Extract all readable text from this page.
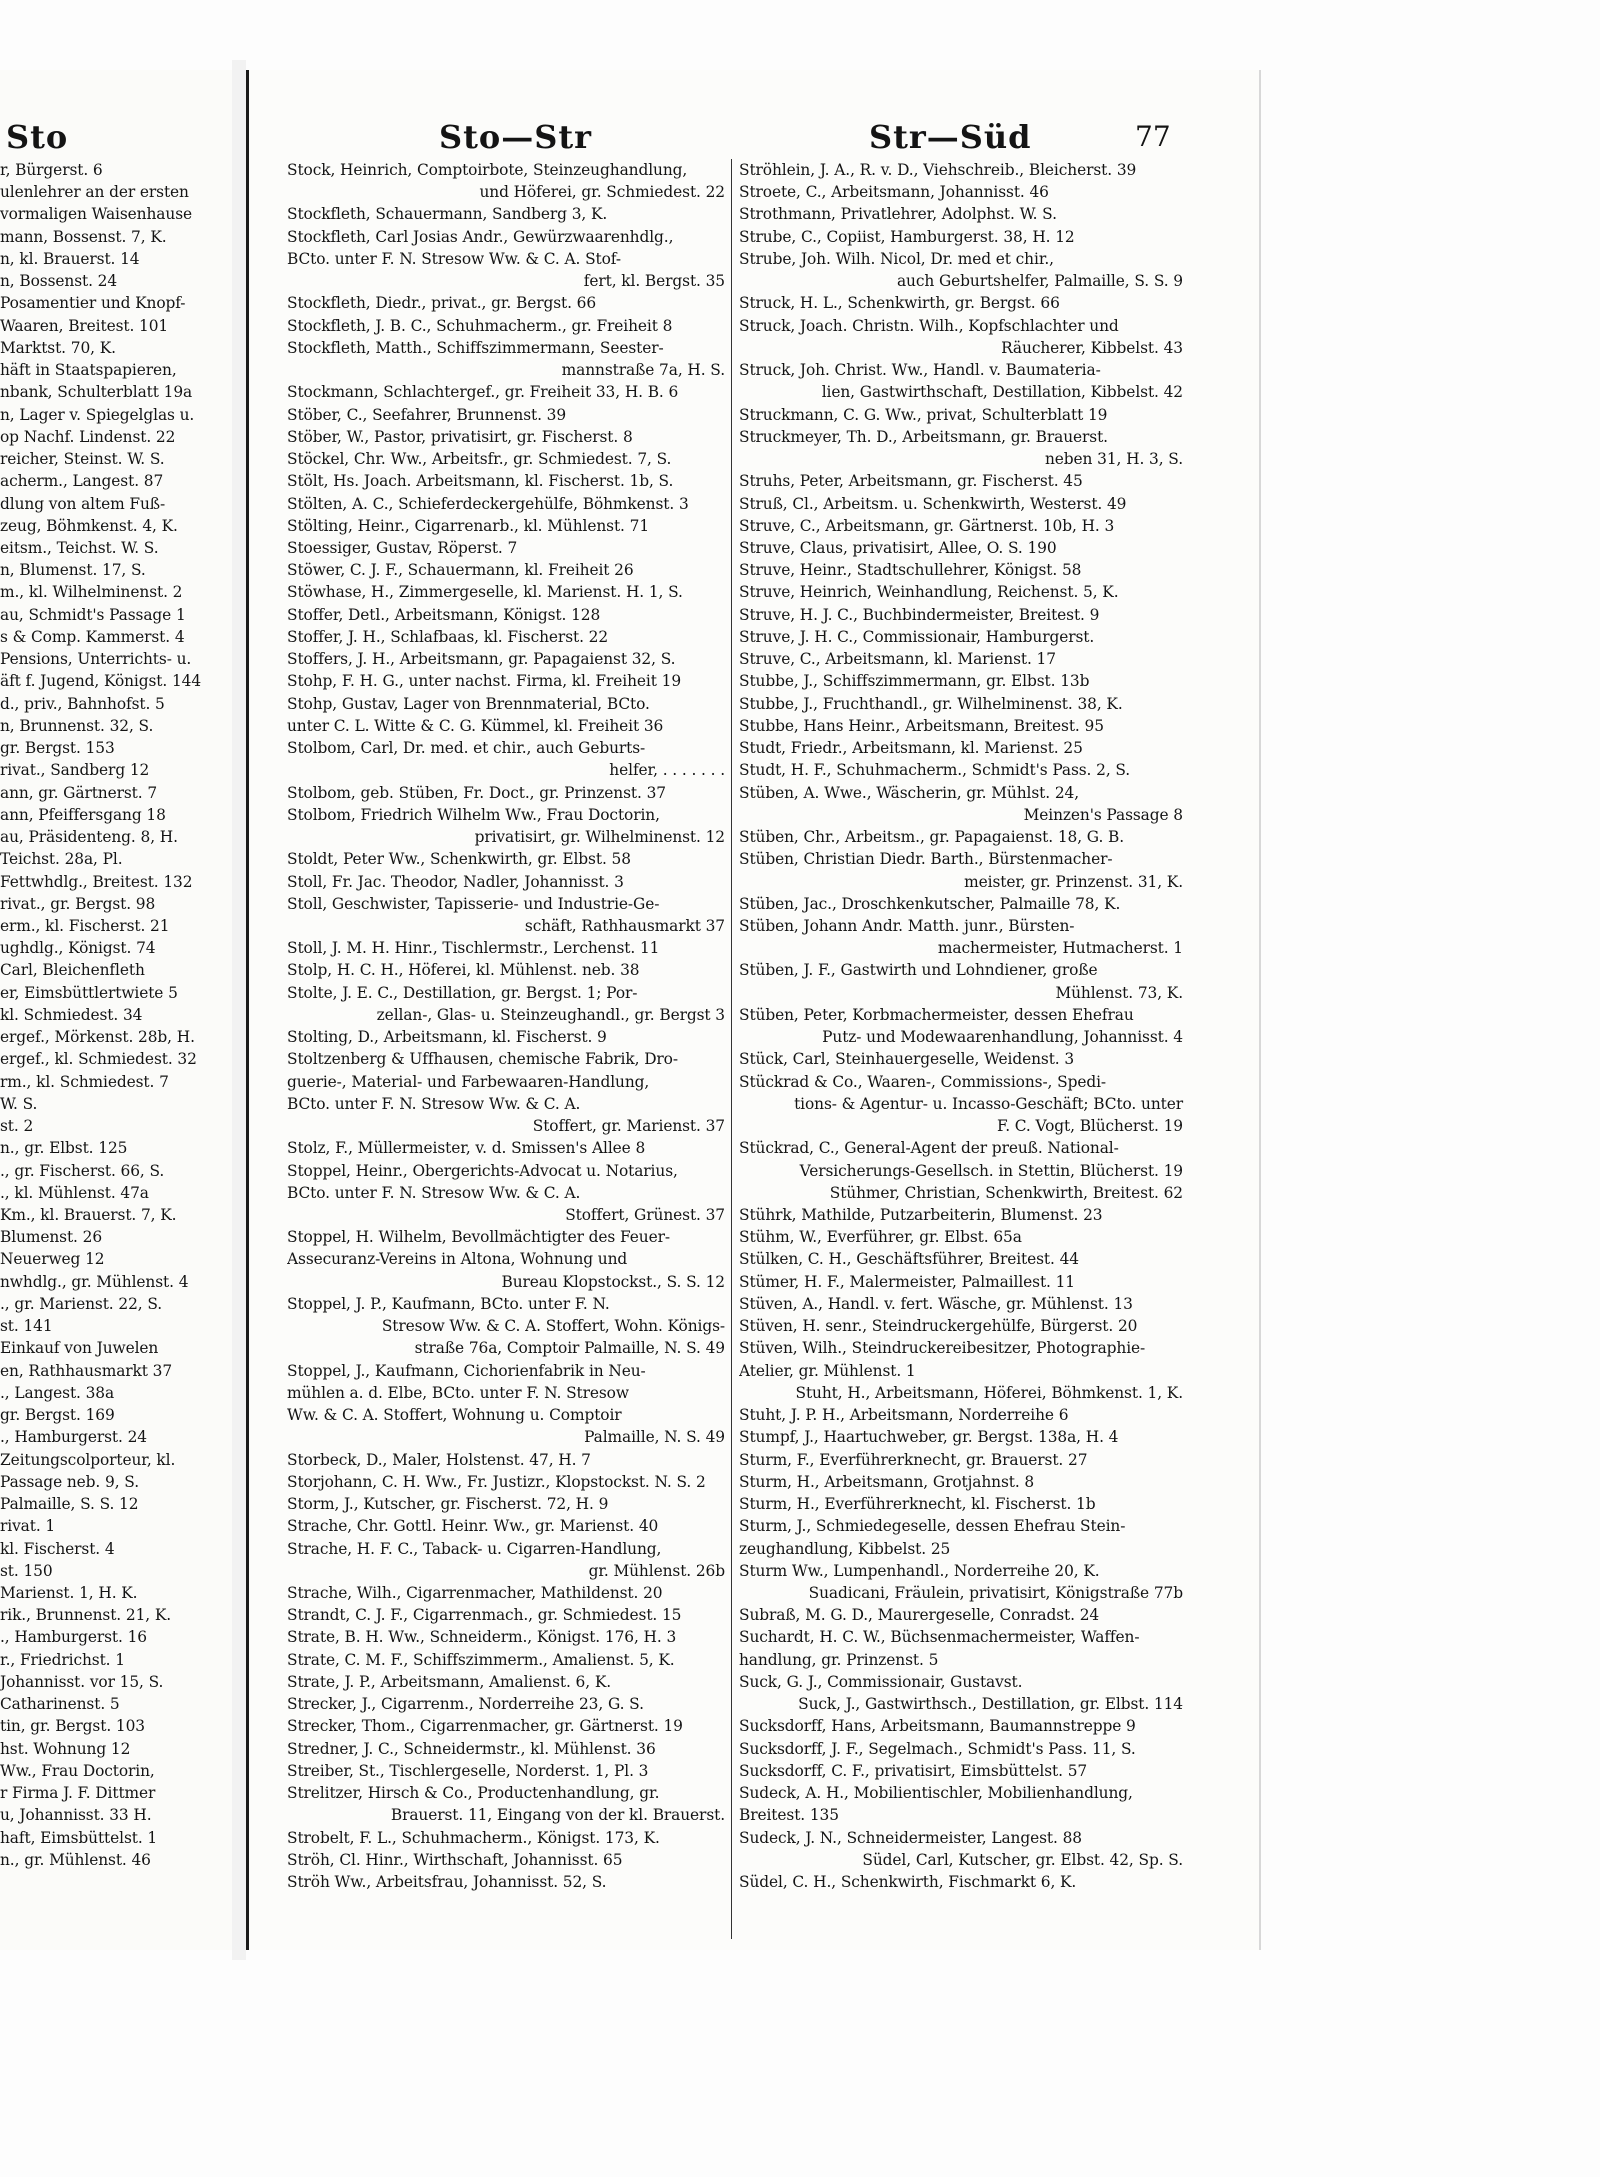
Sto
r, Bürgerst. 6
ulenlehrer an der ersten
vormaligen Waisenhause
mann, Bossenst. 7, K.
n, kl. Brauerst. 14
n, Bossenst. 24
Posamentier und Knopf-
Waaren, Breitest. 101
Marktst. 70, K.
häft in Staatspapieren,
nbank, Schulterblatt 19a
n, Lager v. Spiegelglas u.
op Nachf. Lindenst. 22
reicher, Steinst. W. S.
acherm., Langest. 87
dlung von altem Fuß-
zeug, Böhmkenst. 4, K.
eitsm., Teichst. W. S.
n, Blumenst. 17, S.
m., kl. Wilhelminenst. 2
au, Schmidt's Passage 1
s & Comp. Kammerst. 4
Pensions, Unterrichts- u.
äft f. Jugend, Königst. 144
d., priv., Bahnhofst. 5
n, Brunnenst. 32, S.
gr. Bergst. 153
rivat., Sandberg 12
ann, gr. Gärtnerst. 7
ann, Pfeiffersgang 18
au, Präsidenteng. 8, H.
Teichst. 28a, Pl.
Fettwhdlg., Breitest. 132
rivat., gr. Bergst. 98
erm., kl. Fischerst. 21
ughdlg., Königst. 74
Carl, Bleichenfleth
er, Eimsbüttlertwiete 5
kl. Schmiedest. 34
ergef., Mörkenst. 28b, H.
ergef., kl. Schmiedest. 32
rm., kl. Schmiedest. 7
W. S.
st. 2
n., gr. Elbst. 125
., gr. Fischerst. 66, S.
., kl. Mühlenst. 47a
Km., kl. Brauerst. 7, K.
Blumenst. 26
Neuerweg 12
nwhdlg., gr. Mühlenst. 4
., gr. Marienst. 22, S.
st. 141
Einkauf von Juwelen
en, Rathhausmarkt 37
., Langest. 38a
gr. Bergst. 169
., Hamburgerst. 24
Zeitungscolporteur, kl.
Passage neb. 9, S.
Palmaille, S. S. 12
rivat. 1
kl. Fischerst. 4
st. 150
Marienst. 1, H. K.
rik., Brunnenst. 21, K.
., Hamburgerst. 16
r., Friedrichst. 1
Johannisst. vor 15, S.
Catharinenst. 5
tin, gr. Bergst. 103
hst. Wohnung 12
Ww., Frau Doctorin,
r Firma J. F. Dittmer
u, Johannisst. 33 H.
haft, Eimsbüttelst. 1
n., gr. Mühlenst. 46
Sto—Str	Str—Süd	77
Stock, Heinrich, Comptoirbote, Steinzeughandlung,
und Höferei, gr. Schmiedest. 22
Stockfleth, Schauermann, Sandberg 3, K.
Stockfleth, Carl Josias Andr., Gewürzwaarenhdlg.,
BCto. unter F. N. Stresow Ww. & C. A. Stof-
fert, kl. Bergst. 35
Stockfleth, Diedr., privat., gr. Bergst. 66
Stockfleth, J. B. C., Schuhmacherm., gr. Freiheit 8
Stockfleth, Matth., Schiffszimmermann, Seester-
mannstraße 7a, H. S.
Stockmann, Schlachtergef., gr. Freiheit 33, H. B. 6
Stöber, C., Seefahrer, Brunnenst. 39
Stöber, W., Pastor, privatisirt, gr. Fischerst. 8
Stöckel, Chr. Ww., Arbeitsfr., gr. Schmiedest. 7, S.
Stölt, Hs. Joach. Arbeitsmann, kl. Fischerst. 1b, S.
Stölten, A. C., Schieferdeckergehülfe, Böhmkenst. 3
Stölting, Heinr., Cigarrenarb., kl. Mühlenst. 71
Stoessiger, Gustav, Röperst. 7
Stöwer, C. J. F., Schauermann, kl. Freiheit 26
Stöwhase, H., Zimmergeselle, kl. Marienst. H. 1, S.
Stoffer, Detl., Arbeitsmann, Königst. 128
Stoffer, J. H., Schlafbaas, kl. Fischerst. 22
Stoffers, J. H., Arbeitsmann, gr. Papagaienst 32, S.
Stohp, F. H. G., unter nachst. Firma, kl. Freiheit 19
Stohp, Gustav, Lager von Brennmaterial, BCto.
unter C. L. Witte & C. G. Kümmel, kl. Freiheit 36
Stolbom, Carl, Dr. med. et chir., auch Geburts-
helfer, . . . . . . .
Stolbom, geb. Stüben, Fr. Doct., gr. Prinzenst. 37
Stolbom, Friedrich Wilhelm Ww., Frau Doctorin,
privatisirt, gr. Wilhelminenst. 12
Stoldt, Peter Ww., Schenkwirth, gr. Elbst. 58
Stoll, Fr. Jac. Theodor, Nadler, Johannisst. 3
Stoll, Geschwister, Tapisserie- und Industrie-Ge-
schäft, Rathhausmarkt 37
Stoll, J. M. H. Hinr., Tischlermstr., Lerchenst. 11
Stolp, H. C. H., Höferei, kl. Mühlenst. neb. 38
Stolte, J. E. C., Destillation, gr. Bergst. 1; Por-
zellan-, Glas- u. Steinzeughandl., gr. Bergst 3
Stolting, D., Arbeitsmann, kl. Fischerst. 9
Stoltzenberg & Uffhausen, chemische Fabrik, Dro-
guerie-, Material- und Farbewaaren-Handlung,
BCto. unter F. N. Stresow Ww. & C. A.
Stoffert, gr. Marienst. 37
Stolz, F., Müllermeister, v. d. Smissen's Allee 8
Stoppel, Heinr., Obergerichts-Advocat u. Notarius,
BCto. unter F. N. Stresow Ww. & C. A.
Stoffert, Grünest. 37
Stoppel, H. Wilhelm, Bevollmächtigter des Feuer-
Assecuranz-Vereins in Altona, Wohnung und
Bureau Klopstockst., S. S. 12
Stoppel, J. P., Kaufmann, BCto. unter F. N.
Stresow Ww. & C. A. Stoffert, Wohn. Königs-
straße 76a, Comptoir Palmaille, N. S. 49
Stoppel, J., Kaufmann, Cichorienfabrik in Neu-
mühlen a. d. Elbe, BCto. unter F. N. Stresow
Ww. & C. A. Stoffert, Wohnung u. Comptoir
Palmaille, N. S. 49
Storbeck, D., Maler, Holstenst. 47, H. 7
Storjohann, C. H. Ww., Fr. Justizr., Klopstockst. N. S. 2
Storm, J., Kutscher, gr. Fischerst. 72, H. 9
Strache, Chr. Gottl. Heinr. Ww., gr. Marienst. 40
Strache, H. F. C., Taback- u. Cigarren-Handlung,
gr. Mühlenst. 26b
Strache, Wilh., Cigarrenmacher, Mathildenst. 20
Strandt, C. J. F., Cigarrenmach., gr. Schmiedest. 15
Strate, B. H. Ww., Schneiderm., Königst. 176, H. 3
Strate, C. M. F., Schiffszimmerm., Amalienst. 5, K.
Strate, J. P., Arbeitsmann, Amalienst. 6, K.
Strecker, J., Cigarrenm., Norderreihe 23, G. S.
Strecker, Thom., Cigarrenmacher, gr. Gärtnerst. 19
Stredner, J. C., Schneidermstr., kl. Mühlenst. 36
Streiber, St., Tischlergeselle, Norderst. 1, Pl. 3
Strelitzer, Hirsch & Co., Productenhandlung, gr.
Brauerst. 11, Eingang von der kl. Brauerst.
Strobelt, F. L., Schuhmacherm., Königst. 173, K.
Ströh, Cl. Hinr., Wirthschaft, Johannisst. 65
Ströh Ww., Arbeitsfrau, Johannisst. 52, S.
Ströhlein, J. A., R. v. D., Viehschreib., Bleicherst. 39
Stroete, C., Arbeitsmann, Johannisst. 46
Strothmann, Privatlehrer, Adolphst. W. S.
Strube, C., Copiist, Hamburgerst. 38, H. 12
Strube, Joh. Wilh. Nicol, Dr. med et chir.,
auch Geburtshelfer, Palmaille, S. S. 9
Struck, H. L., Schenkwirth, gr. Bergst. 66
Struck, Joach. Christn. Wilh., Kopfschlachter und
Räucherer, Kibbelst. 43
Struck, Joh. Christ. Ww., Handl. v. Baumateria-
lien, Gastwirthschaft, Destillation, Kibbelst. 42
Struckmann, C. G. Ww., privat, Schulterblatt 19
Struckmeyer, Th. D., Arbeitsmann, gr. Brauerst.
neben 31, H. 3, S.
Struhs, Peter, Arbeitsmann, gr. Fischerst. 45
Struß, Cl., Arbeitsm. u. Schenkwirth, Westerst. 49
Struve, C., Arbeitsmann, gr. Gärtnerst. 10b, H. 3
Struve, Claus, privatisirt, Allee, O. S. 190
Struve, Heinr., Stadtschullehrer, Königst. 58
Struve, Heinrich, Weinhandlung, Reichenst. 5, K.
Struve, H. J. C., Buchbindermeister, Breitest. 9
Struve, J. H. C., Commissionair, Hamburgerst.
Struve, C., Arbeitsmann, kl. Marienst. 17
Stubbe, J., Schiffszimmermann, gr. Elbst. 13b
Stubbe, J., Fruchthandl., gr. Wilhelminenst. 38, K.
Stubbe, Hans Heinr., Arbeitsmann, Breitest. 95
Studt, Friedr., Arbeitsmann, kl. Marienst. 25
Studt, H. F., Schuhmacherm., Schmidt's Pass. 2, S.
Stüben, A. Wwe., Wäscherin, gr. Mühlst. 24,
Meinzen's Passage 8
Stüben, Chr., Arbeitsm., gr. Papagaienst. 18, G. B.
Stüben, Christian Diedr. Barth., Bürstenmacher-
meister, gr. Prinzenst. 31, K.
Stüben, Jac., Droschkenkutscher, Palmaille 78, K.
Stüben, Johann Andr. Matth. junr., Bürsten-
machermeister, Hutmacherst. 1
Stüben, J. F., Gastwirth und Lohndiener, große
Mühlenst. 73, K.
Stüben, Peter, Korbmachermeister, dessen Ehefrau
Putz- und Modewaarenhandlung, Johannisst. 4
Stück, Carl, Steinhauergeselle, Weidenst. 3
Stückrad & Co., Waaren-, Commissions-, Spedi-
tions- & Agentur- u. Incasso-Geschäft; BCto. unter
F. C. Vogt, Blücherst. 19
Stückrad, C., General-Agent der preuß. National-
Versicherungs-Gesellsch. in Stettin, Blücherst. 19
Stühmer, Christian, Schenkwirth, Breitest. 62
Stührk, Mathilde, Putzarbeiterin, Blumenst. 23
Stühm, W., Everführer, gr. Elbst. 65a
Stülken, C. H., Geschäftsführer, Breitest. 44
Stümer, H. F., Malermeister, Palmaillest. 11
Stüven, A., Handl. v. fert. Wäsche, gr. Mühlenst. 13
Stüven, H. senr., Steindruckergehülfe, Bürgerst. 20
Stüven, Wilh., Steindruckereibesitzer, Photographie-
Atelier, gr. Mühlenst. 1
Stuht, H., Arbeitsmann, Höferei, Böhmkenst. 1, K.
Stuht, J. P. H., Arbeitsmann, Norderreihe 6
Stumpf, J., Haartuchweber, gr. Bergst. 138a, H. 4
Sturm, F., Everführerknecht, gr. Brauerst. 27
Sturm, H., Arbeitsmann, Grotjahnst. 8
Sturm, H., Everführerknecht, kl. Fischerst. 1b
Sturm, J., Schmiedegeselle, dessen Ehefrau Stein-
zeughandlung, Kibbelst. 25
Sturm Ww., Lumpenhandl., Norderreihe 20, K.
Suadicani, Fräulein, privatisirt, Königstraße 77b
Subraß, M. G. D., Maurergeselle, Conradst. 24
Suchardt, H. C. W., Büchsenmachermeister, Waffen-
handlung, gr. Prinzenst. 5
Suck, G. J., Commissionair, Gustavst.
Suck, J., Gastwirthsch., Destillation, gr. Elbst. 114
Sucksdorff, Hans, Arbeitsmann, Baumannstreppe 9
Sucksdorff, J. F., Segelmach., Schmidt's Pass. 11, S.
Sucksdorff, C. F., privatisirt, Eimsbüttelst. 57
Sudeck, A. H., Mobilientischler, Mobilienhandlung,
Breitest. 135
Sudeck, J. N., Schneidermeister, Langest. 88
Südel, Carl, Kutscher, gr. Elbst. 42, Sp. S.
Südel, C. H., Schenkwirth, Fischmarkt 6, K.
